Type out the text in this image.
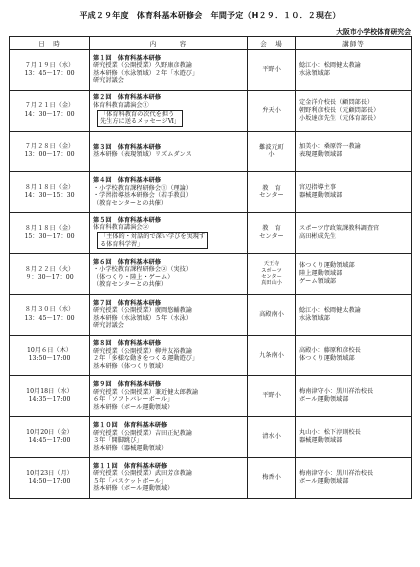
平成２９年度　体育科基本研修会　年間予定（H２９．１０．２現在）
大阪市小学校体育研究会
日　時	内　　　容	会　場	講師等

７月１９日（水）
13：45～17：00	第１回　体育科基本研修
研究授業（公開授業）久野康彦教諭
基本研修（水泳領域）２年「水遊び」
研究討議会	平野小	鯰江小：松岡健太教諭
水泳領域部

７月２１日（金）
14：30～17：00	第２回　体育科基本研修
体育科教育講演会①
「体育科教育の次代を担う
先生方に送るメッセージⅥ」	弁天小	定金洋介校長（顧問部長）
朝野利彦校長（元顧問部長）
小坂達彦先生（元体育部長）

７月２８日（金）
13：00～17：00	第３回　体育科基本研修
基本研修（表現領域）リズムダンス	難波元町
小	加美小：桑原啓一教諭
表現運動領域部

８月１８日（金）
14：30～15：30	第４回　体育科基本研修
・小学校教育課程研修会①（理論）
・学習指導基本研修会（若手教員）
（教育センターとの共催）	教　育
センター	宮辺指導主事
器械運動領域部

８月１８日（金）
15：30～17：00	第５回　体育科基本研修
体育科教育講演会②
「主体的・対話的で深い学びを実現す
る体育科学習」	教　育
センター	スポーツ庁政策課教科調査官
高田彬成先生

８月２２日（火）
９：30～17：00	第６回　体育科基本研修
・小学校教育課程研修会②（実技）
（体つくり・陸上・ゲーム）
（教育センターとの共催）	天王寺
スポーツ
センター
真田山小	体つくり運動領域部
陸上運動領域部
ゲーム領域部

８月３０日（水）
13：45～17：00	第７回　体育科基本研修
研究授業（公開授業）廣岡悠輔教諭
基本研修（水泳領域）５年（水泳）
研究討議会	高殿南小	鯰江小：松岡健太教諭
水泳領域部

10月６日（木）
13:50～17:00	第８回　体育科基本研修
研究授業（公開授業）柳井友裕教諭
２年「多様な動きをつくる運動遊び」
基本研修（体つくり領域）	九条南小	高殿小：藤原和彦校長
体つくり運動領域部

10月18日（水）
14:35～17:00	第９回　体育科基本研修
研究授業（公開授業）兼近健太郎教諭
６年「ソフトバレーボール」
基本研修（ボール運動領域）	平野小	梅南津守小：黒川祥治校長
ボール運動領域部

10月20日（金）
14:45～17:00	第１０回　体育科基本研修
研究授業（公開授業）吉田正紀教諭
３年「開脚跳び」
基本研修（器械運動領域）	清水小	丸山小：松下淳則校長
器械運動領域部

10月23日（月）
14:50～17:00	第１１回　体育科基本研修
研究授業（公開授業）武田芳彦教諭
５年「バスケットボール」
基本研修（ボール運動領域）	梅香小	梅南津守小：黒川祥治校長
ボール運動領域部
